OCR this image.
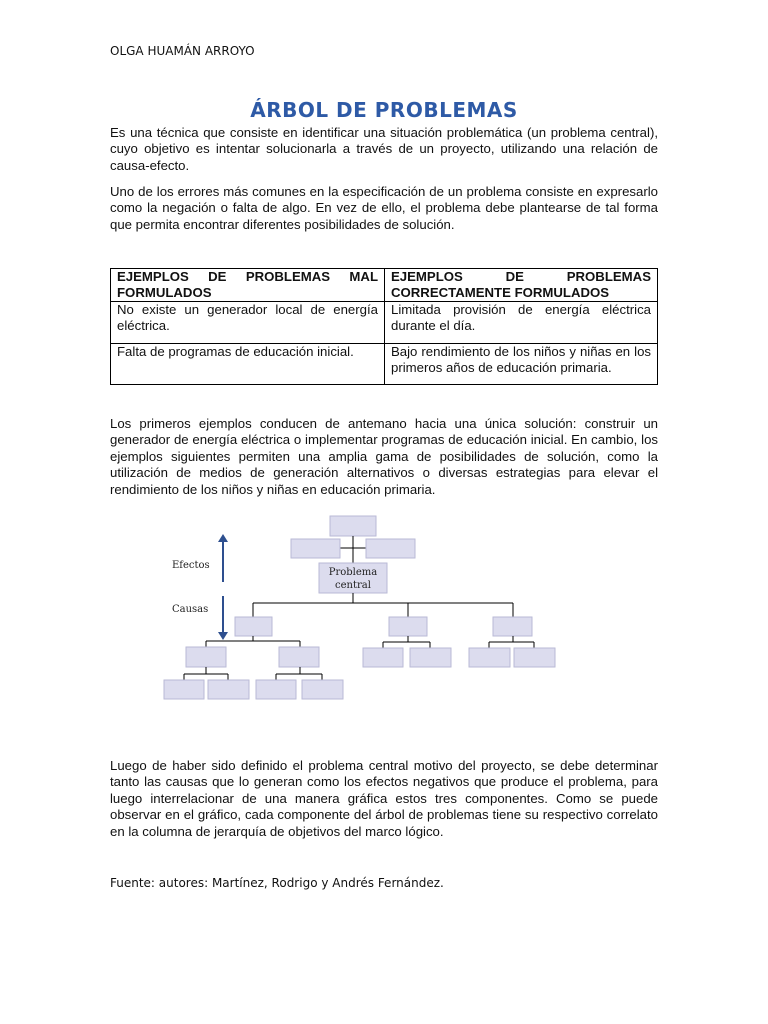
OLGA HUAMÁN ARROYO
ÁRBOL DE PROBLEMAS
Es una técnica que consiste en identificar una situación problemática (un problema central), cuyo objetivo es intentar solucionarla a través de un proyecto, utilizando una relación de causa-efecto.
Uno de los errores más comunes en la especificación de un problema consiste en expresarlo como la negación o falta de algo. En vez de ello, el problema debe plantearse de tal forma que permita encontrar diferentes posibilidades de solución.
EJEMPLOS DE PROBLEMAS MAL FORMULADOS	EJEMPLOS DE PROBLEMAS CORRECTAMENTE FORMULADOS
No existe un generador local de energía eléctrica.	Limitada provisión de energía eléctrica durante el día.
Falta de programas de educación inicial.	Bajo rendimiento de los niños y niñas en los primeros años de educación primaria.
Los primeros ejemplos conducen de antemano hacia una única solución: construir un generador de energía eléctrica o implementar programas de educación inicial. En cambio, los ejemplos siguientes permiten una amplia gama de posibilidades de solución, como la utilización de medios de generación alternativos o diversas estrategias para elevar el rendimiento de los niños y niñas en educación primaria.
Efectos
Causas
Problema
central
Luego de haber sido definido el problema central motivo del proyecto, se debe determinar tanto las causas que lo generan como los efectos negativos que produce el problema, para luego interrelacionar de una manera gráfica estos tres componentes. Como se puede observar en el gráfico, cada componente del árbol de problemas tiene su respectivo correlato en la columna de jerarquía de objetivos del marco lógico.
Fuente: autores: Martínez, Rodrigo y Andrés Fernández.
